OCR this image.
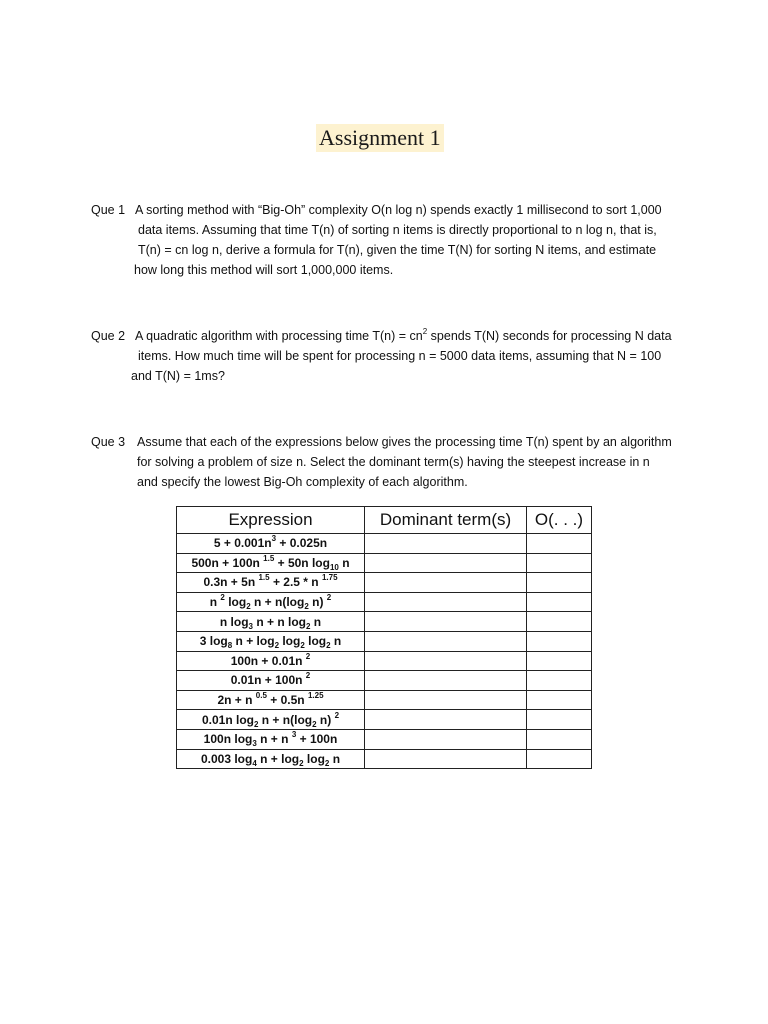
Assignment 1
Que 1 A sorting method with “Big-Oh” complexity O(n log n) spends exactly 1 millisecond to sort 1,000
data items. Assuming that time T(n) of sorting n items is directly proportional to n log n, that is,
T(n) = cn log n, derive a formula for T(n), given the time T(N) for sorting N items, and estimate
how long this method will sort 1,000,000 items.
Que 2 A quadratic algorithm with processing time $T(n) = cn^2$ spends T(N) seconds for processing N data
items. How much time will be spent for processing n = 5000 data items, assuming that N = 100
and T(N) = 1ms?
Que 3 Assume that each of the expressions below gives the processing time T(n) spent by an algorithm
for solving a problem of size n. Select the dominant term(s) having the steepest increase in n
and specify the lowest Big-Oh complexity of each algorithm.
Expression	Dominant term(s)	O(. . .)
$5 + 0.001n^3 + 0.025n$		
500n + 100n $^{1.5}$ + 50n $\log_{10} n$		
0.3n + 5n $^{1.5}$ + 2.5 * n $^{1.75}$		
n $^2$ $\log_2 n + n(\log_2$ n) $^2$		
n $\log_3 n + n$ $\log_2 n$		
3 $\log_8 n + \log_2 \log_2 \log_2 n$		
100n + 0.01n $^2$		
0.01n + 100n $^2$		
2n + n $^{0.5}$ + 0.5n $^{1.25}$		
0.01n $\log_2 n + n(\log_2$ n) $^2$		
100n $\log_3 n + n$ $^3$ + 100n		
0.003 $\log_4 n + \log_2 \log_2 n$		
